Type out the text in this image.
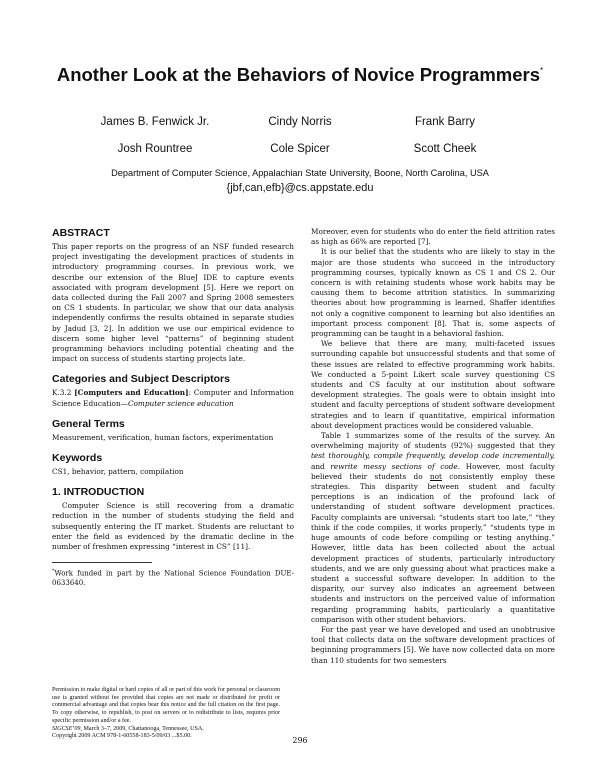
Another Look at the Behaviors of Novice Programmers*
James B. Fenwick Jr.	Cindy Norris	Frank Barry
Josh Rountree	Cole Spicer	Scott Cheek
Department of Computer Science, Appalachian State University, Boone, North Carolina, USA
{jbf,can,efb}@cs.appstate.edu
ABSTRACT

This paper reports on the progress of an NSF funded research project investigating the development practices of students in introductory programming courses. In previous work, we describe our extension of the BlueJ IDE to capture events associated with program development [5]. Here we report on data collected during the Fall 2007 and Spring 2008 semesters on CS 1 students. In particular, we show that our data analysis independently confirms the results obtained in separate studies by Jadud [3, 2]. In addition we use our empirical evidence to discern some higher level “patterns” of beginning student programming behaviors including potential cheating and the impact on success of students starting projects late.

Categories and Subject Descriptors

K.3.2 [Computers and Education]: Computer and Information Science Education—Computer science education

General Terms

Measurement, verification, human factors, experimentation

Keywords

CS1, behavior, pattern, compilation

1. INTRODUCTION

Computer Science is still recovering from a dramatic reduction in the number of students studying the field and subsequently entering the IT market. Students are reluctant to enter the field as evidenced by the dramatic decline in the number of freshmen expressing “interest in CS” [11].

*Work funded in part by the National Science Foundation DUE-0633640.

Permission to make digital or hard copies of all or part of this work for personal or classroom use is granted without fee provided that copies are not made or distributed for profit or commercial advantage and that copies bear this notice and the full citation on the first page. To copy otherwise, to republish, to post on servers or to redistribute to lists, requires prior specific permission and/or a fee.

SIGCSE’09, March 3–7, 2009, Chattanooga, Tennessee, USA.

Copyright 2009 ACM 978-1-60558-183-5/09/03 ...$5.00.

Moreover, even for students who do enter the field attrition rates as high as 66% are reported [7].

It is our belief that the students who are likely to stay in the major are those students who succeed in the introductory programming courses, typically known as CS 1 and CS 2. Our concern is with retaining students whose work habits may be causing them to become attrition statistics. In summarizing theories about how programming is learned, Shaffer identifies not only a cognitive component to learning but also identifies an important process component [8]. That is, some aspects of programming can be taught in a behavioral fashion.

We believe that there are many, multi-faceted issues surrounding capable but unsuccessful students and that some of these issues are related to effective programming work habits. We conducted a 5-point Likert scale survey questioning CS students and CS faculty at our institution about software development strategies. The goals were to obtain insight into student and faculty perceptions of student software development strategies and to learn if quantitative, empirical information about development practices would be considered valuable.

Table 1 summarizes some of the results of the survey. An overwhelming majority of students (92%) suggested that they test thoroughly, compile frequently, develop code incrementally, and rewrite messy sections of code. However, most faculty believed their students do not consistently employ these strategies. This disparity between student and faculty perceptions is an indication of the profound lack of understanding of student software development practices. Faculty complaints are universal: “students start too late,” “they think if the code compiles, it works properly,” “students type in huge amounts of code before compiling or testing anything.” However, little data has been collected about the actual development practices of students, particularly introductory students, and we are only guessing about what practices make a student a successful software developer. In addition to the disparity, our survey also indicates an agreement between students and instructors on the perceived value of information regarding programming habits, particularly a quantitative comparison with other student behaviors.

For the past year we have developed and used an unobtrusive tool that collects data on the software development practices of beginning programmers [5]. We have now collected data on more than 110 students for two semesters

296
